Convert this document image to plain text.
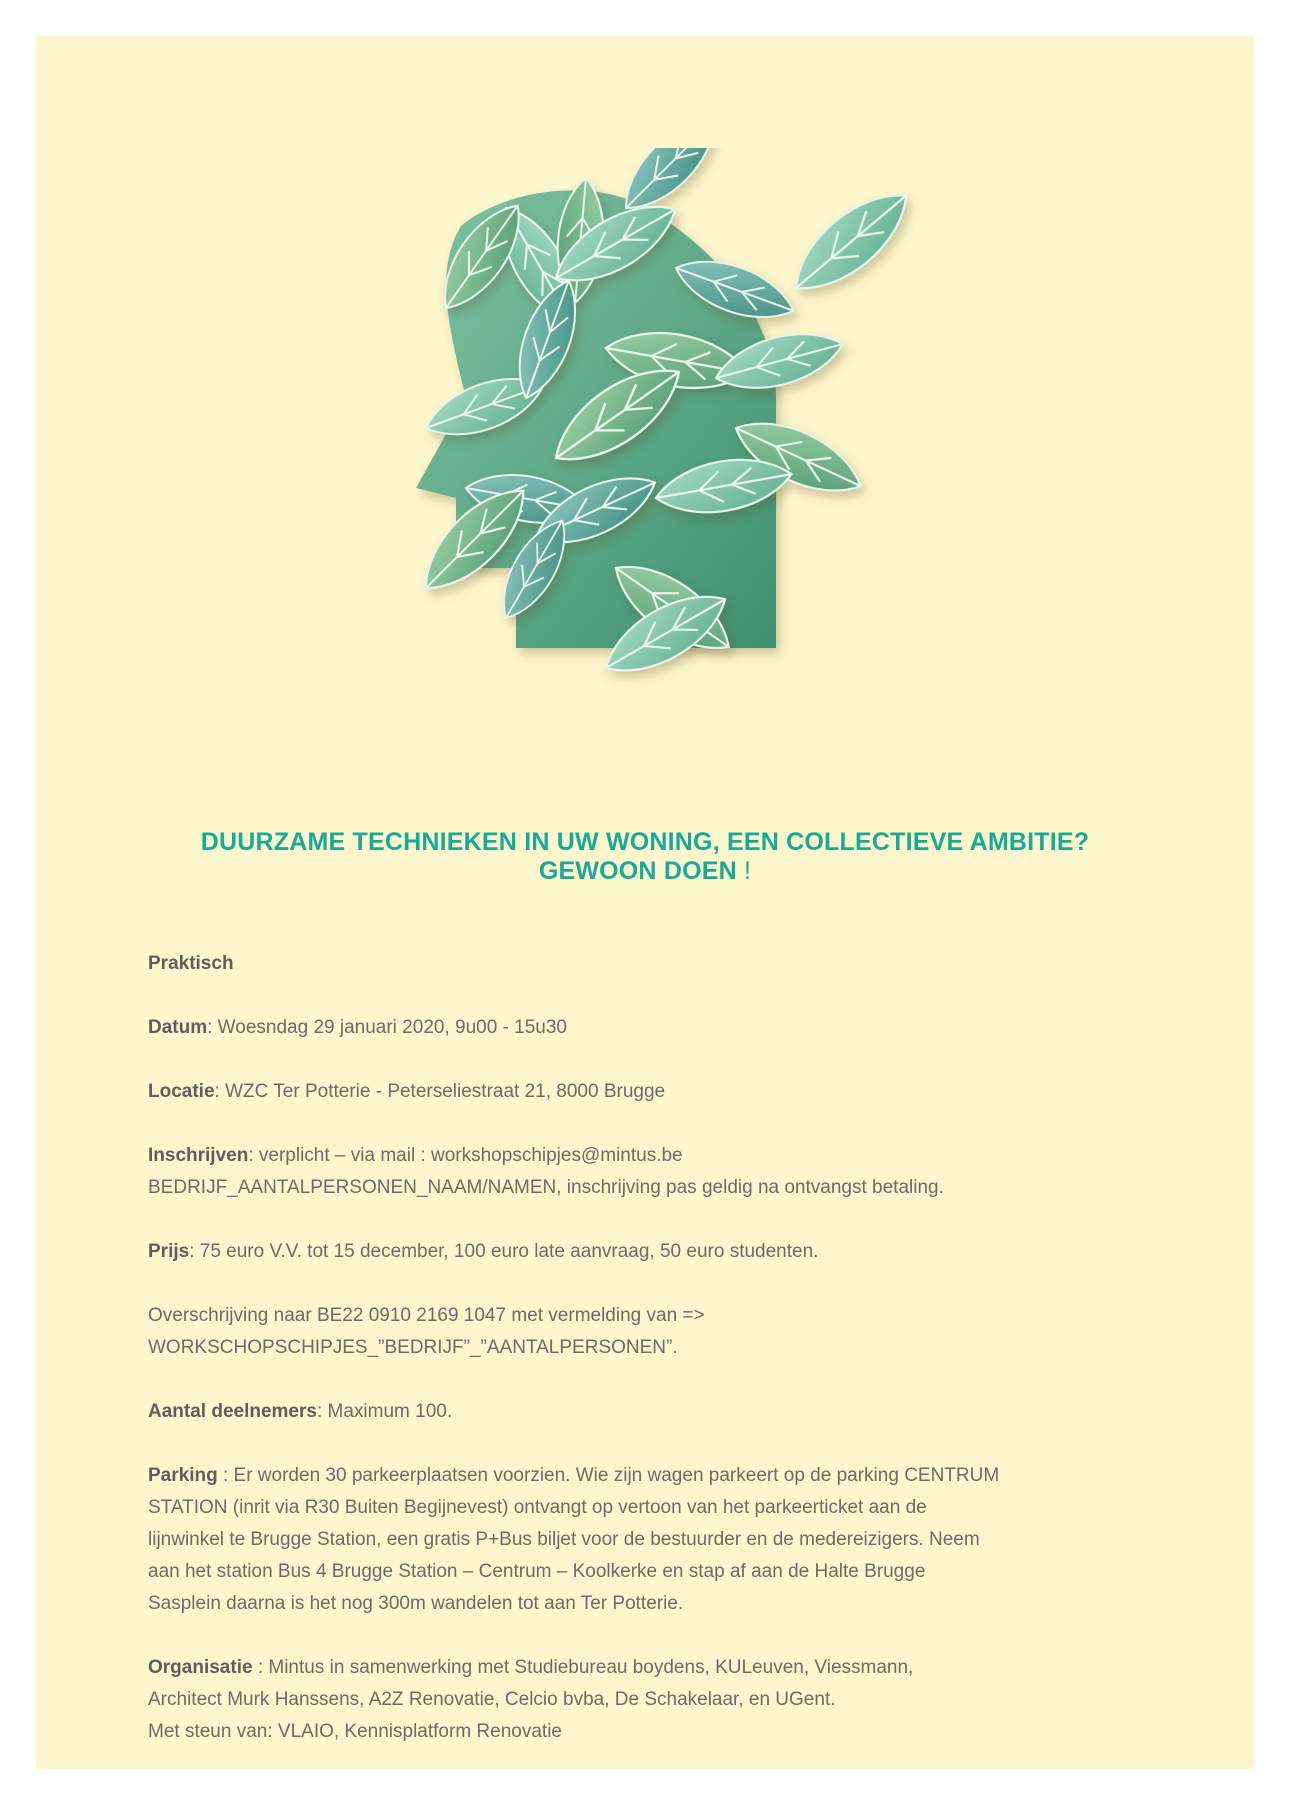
DUURZAME TECHNIEKEN IN UW WONING, EEN COLLECTIEVE AMBITIE?
GEWOON DOEN !

Praktisch

Datum: Woesndag 29 januari 2020, 9u00 - 15u30

Locatie: WZC Ter Potterie - Peterseliestraat 21, 8000 Brugge

Inschrijven: verplicht – via mail : workshopschipjes@mintus.be
BEDRIJF_AANTALPERSONEN_NAAM/NAMEN, inschrijving pas geldig na ontvangst betaling.

Prijs: 75 euro V.V. tot 15 december, 100 euro late aanvraag, 50 euro studenten.

Overschrijving naar BE22 0910 2169 1047 met vermelding van =>
WORKSCHOPSCHIPJES_”BEDRIJF”_”AANTALPERSONEN”.

Aantal deelnemers: Maximum 100.

Parking : Er worden 30 parkeerplaatsen voorzien. Wie zijn wagen parkeert op de parking CENTRUM
STATION (inrit via R30 Buiten Begijnevest) ontvangt op vertoon van het parkeerticket aan de
lijnwinkel te Brugge Station, een gratis P+Bus biljet voor de bestuurder en de medereizigers. Neem
aan het station Bus 4 Brugge Station – Centrum – Koolkerke en stap af aan de Halte Brugge
Sasplein daarna is het nog 300m wandelen tot aan Ter Potterie.

Organisatie : Mintus in samenwerking met Studiebureau boydens, KULeuven, Viessmann,
Architect Murk Hanssens, A2Z Renovatie, Celcio bvba, De Schakelaar, en UGent.
Met steun van: VLAIO, Kennisplatform Renovatie
